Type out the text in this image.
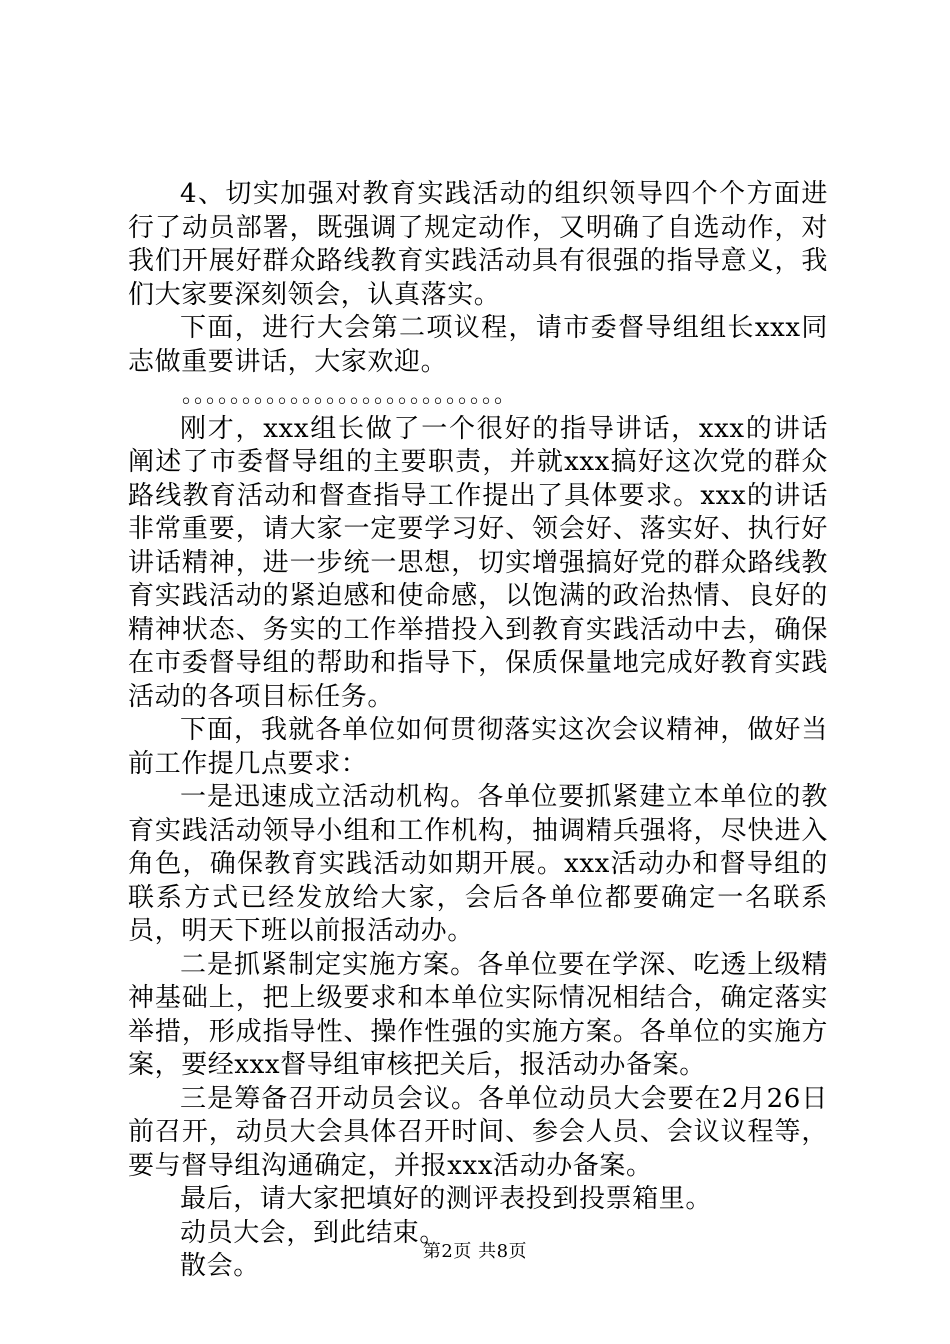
4、切实加强对教育实践活动的组织领导四个个方面进行了动员部署，既强调了规定动作，又明确了自选动作，对我们开展好群众路线教育实践活动具有很强的指导意义，我们大家要深刻领会，认真落实。

下面，进行大会第二项议程，请市委督导组组长xxx同志做重要讲话，大家欢迎。

。。。。。。。。。。。。。。。。。。。。。。。。。。。

刚才，xxx组长做了一个很好的指导讲话，xxx的讲话阐述了市委督导组的主要职责，并就xxx搞好这次党的群众路线教育活动和督查指导工作提出了具体要求。xxx的讲话非常重要，请大家一定要学习好、领会好、落实好、执行好讲话精神，进一步统一思想，切实增强搞好党的群众路线教育实践活动的紧迫感和使命感，以饱满的政治热情、良好的精神状态、务实的工作举措投入到教育实践活动中去，确保在市委督导组的帮助和指导下，保质保量地完成好教育实践活动的各项目标任务。

下面，我就各单位如何贯彻落实这次会议精神，做好当前工作提几点要求：

一是迅速成立活动机构。各单位要抓紧建立本单位的教育实践活动领导小组和工作机构，抽调精兵强将，尽快进入角色，确保教育实践活动如期开展。xxx活动办和督导组的联系方式已经发放给大家，会后各单位都要确定一名联系员，明天下班以前报活动办。

二是抓紧制定实施方案。各单位要在学深、吃透上级精神基础上，把上级要求和本单位实际情况相结合，确定落实举措，形成指导性、操作性强的实施方案。各单位的实施方案，要经xxx督导组审核把关后，报活动办备案。

三是筹备召开动员会议。各单位动员大会要在2月26日前召开，动员大会具体召开时间、参会人员、会议议程等，要与督导组沟通确定，并报xxx活动办备案。

最后，请大家把填好的测评表投到投票箱里。

动员大会，到此结束。

散会。	第2页 共8页
